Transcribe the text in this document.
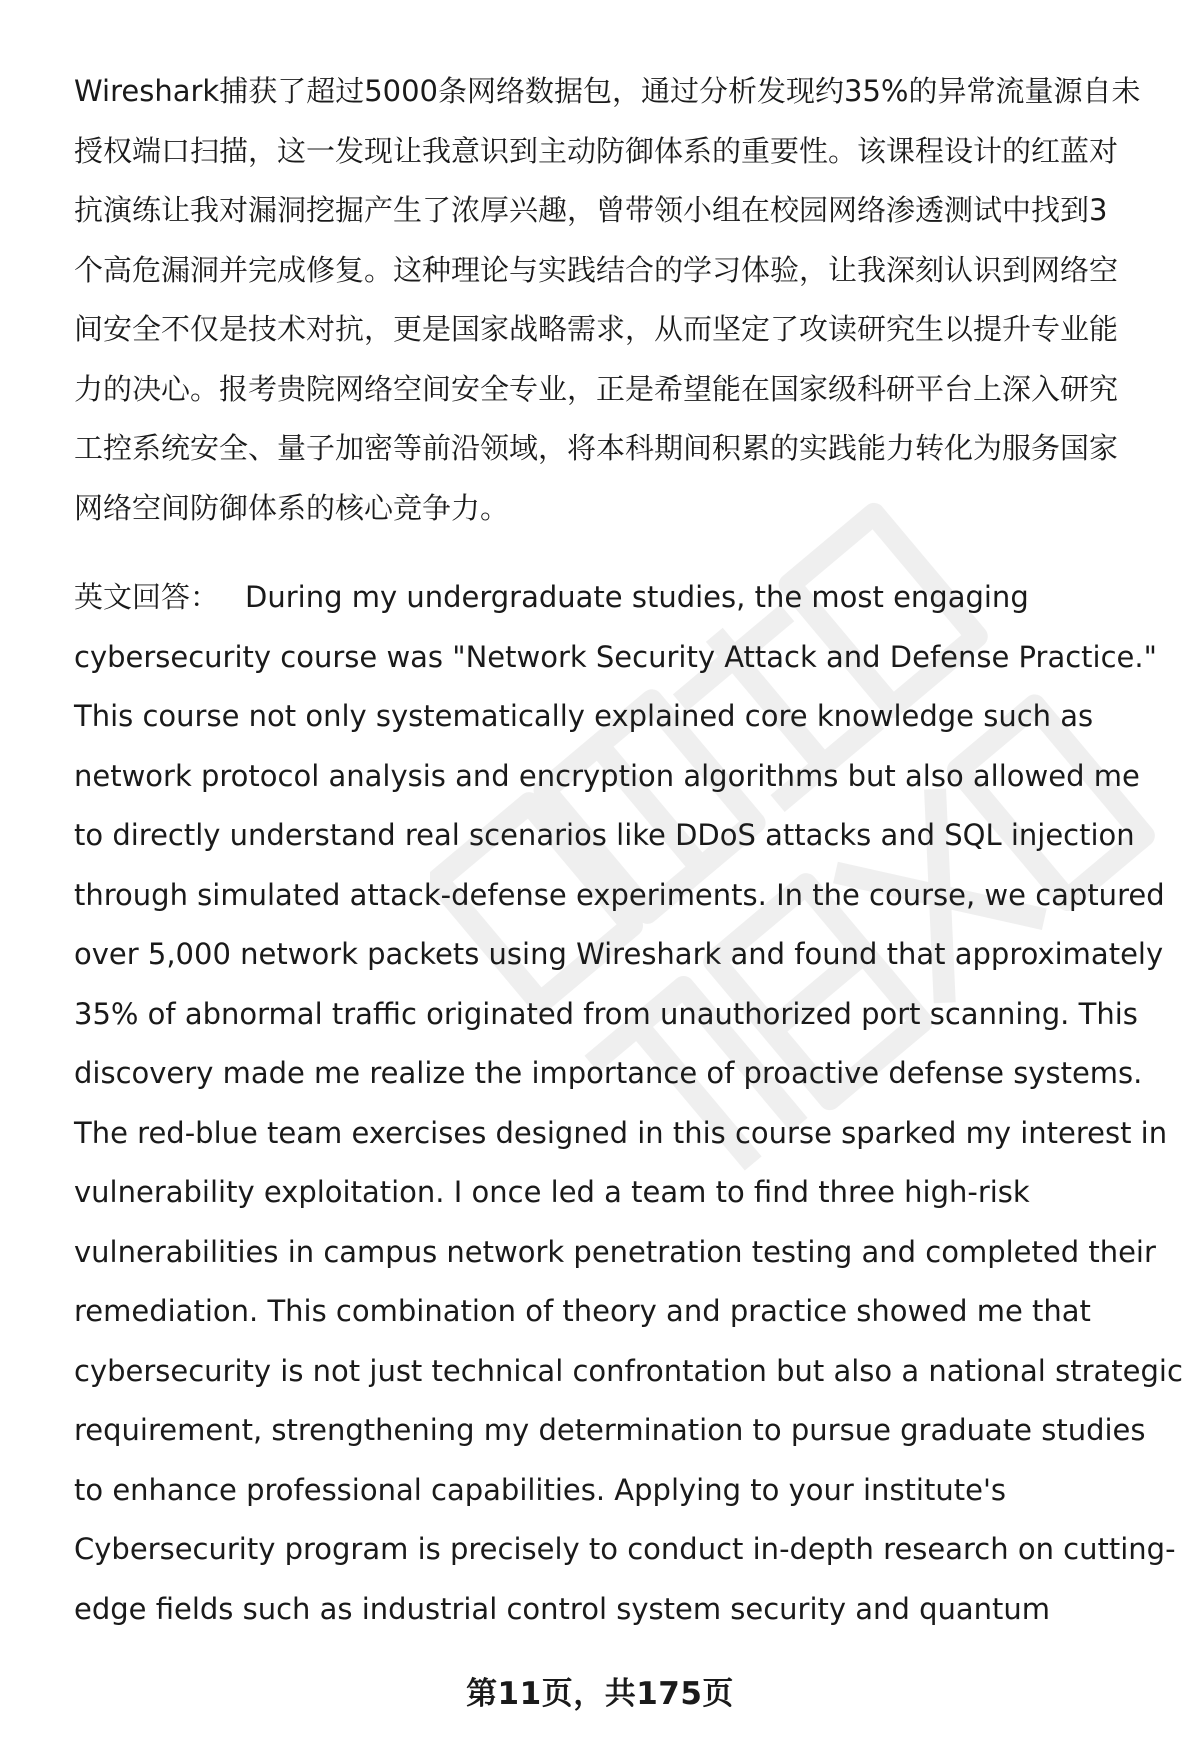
Wireshark捕获了超过5000条网络数据包，通过分析发现约35%的异常流量源自未
授权端口扫描，这一发现让我意识到主动防御体系的重要性。该课程设计的红蓝对
抗演练让我对漏洞挖掘产生了浓厚兴趣，曾带领小组在校园网络渗透测试中找到3
个高危漏洞并完成修复。这种理论与实践结合的学习体验，让我深刻认识到网络空
间安全不仅是技术对抗，更是国家战略需求，从而坚定了攻读研究生以提升专业能
力的决心。报考贵院网络空间安全专业，正是希望能在国家级科研平台上深入研究
工控系统安全、量子加密等前沿领域，将本科期间积累的实践能力转化为服务国家
网络空间防御体系的核心竞争力。
英文回答： During my undergraduate studies, the most engaging
cybersecurity course was "Network Security Attack and Defense Practice."
This course not only systematically explained core knowledge such as
network protocol analysis and encryption algorithms but also allowed me
to directly understand real scenarios like DDoS attacks and SQL injection
through simulated attack-defense experiments. In the course, we captured
over 5,000 network packets using Wireshark and found that approximately
35% of abnormal traffic originated from unauthorized port scanning. This
discovery made me realize the importance of proactive defense systems.
The red-blue team exercises designed in this course sparked my interest in
vulnerability exploitation. I once led a team to find three high-risk
vulnerabilities in campus network penetration testing and completed their
remediation. This combination of theory and practice showed me that
cybersecurity is not just technical confrontation but also a national strategic
requirement, strengthening my determination to pursue graduate studies
to enhance professional capabilities. Applying to your institute's
Cybersecurity program is precisely to conduct in-depth research on cutting-
edge fields such as industrial control system security and quantum
第11页，共175页
